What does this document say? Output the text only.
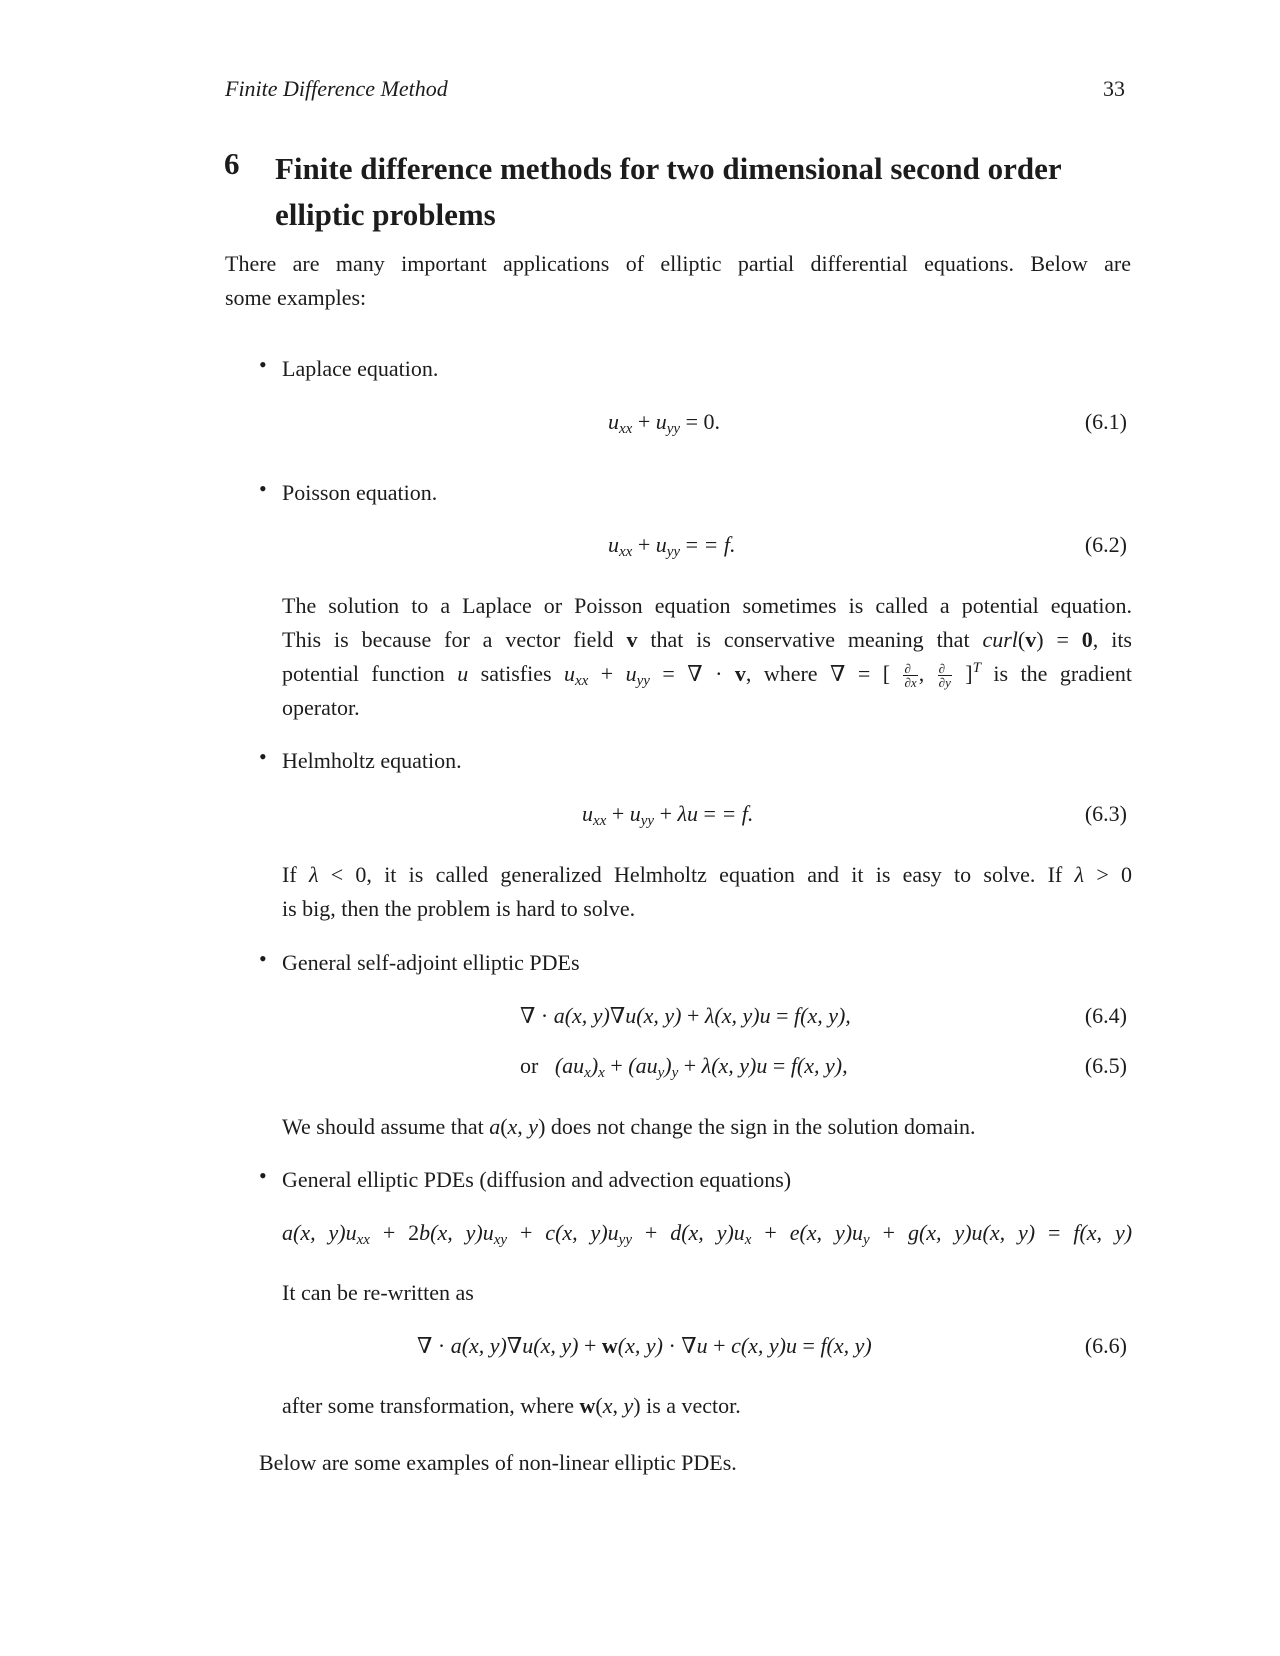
Finite Difference Method	33
6 Finite difference methods for two dimensional second order
elliptic problems
There are many important applications of elliptic partial differential equations. Below are
some examples:
• Laplace equation.
$u_{xx} + u_{yy} = 0$.	(6.1)
• Poisson equation.
$u_{xx} + u_{yy}$ = = f.	(6.2)
The solution to a Laplace or Poisson equation sometimes is called a potential equation.
This is because for a vector field v that is conservative meaning that curl(v) = 0, its
potential function u satisfies $u_{xx} + u_{yy}$ = ∇ · v, where ∇ = [ $\frac{\partial}{\partial x}$ , $\frac{\partial}{\partial y} ]^T$ is the gradient
operator.
• Helmholtz equation.
$u_{xx} + u_{yy} + \lambda u$ = = f.	(6.3)
If λ < 0, it is called generalized Helmholtz equation and it is easy to solve. If λ > 0
is big, then the problem is hard to solve.
• General self-adjoint elliptic PDEs
∇ · a(x, y)∇u(x, y) + λ(x, y)u = f(x, y),	(6.4)
or   $(au_x)_x + (au_y)_y + \lambda(x$, y)u = f(x, y),	(6.5)
We should assume that a(x, y) does not change the sign in the solution domain.
• General elliptic PDEs (diffusion and advection equations)
a(x, $y)u_{xx} + 2b(x$, $y)u_{xy} + c(x$, $y)u_{yy} + d(x$, $y)u_x + e(x$, $y)u_y + g(x$, y)u(x, y) = f(x, y)
It can be re-written as
∇ · a(x, y)∇u(x, y) + w(x, y) · ∇u + c(x, y)u = f(x, y)	(6.6)
after some transformation, where w(x, y) is a vector.
Below are some examples of non-linear elliptic PDEs.
